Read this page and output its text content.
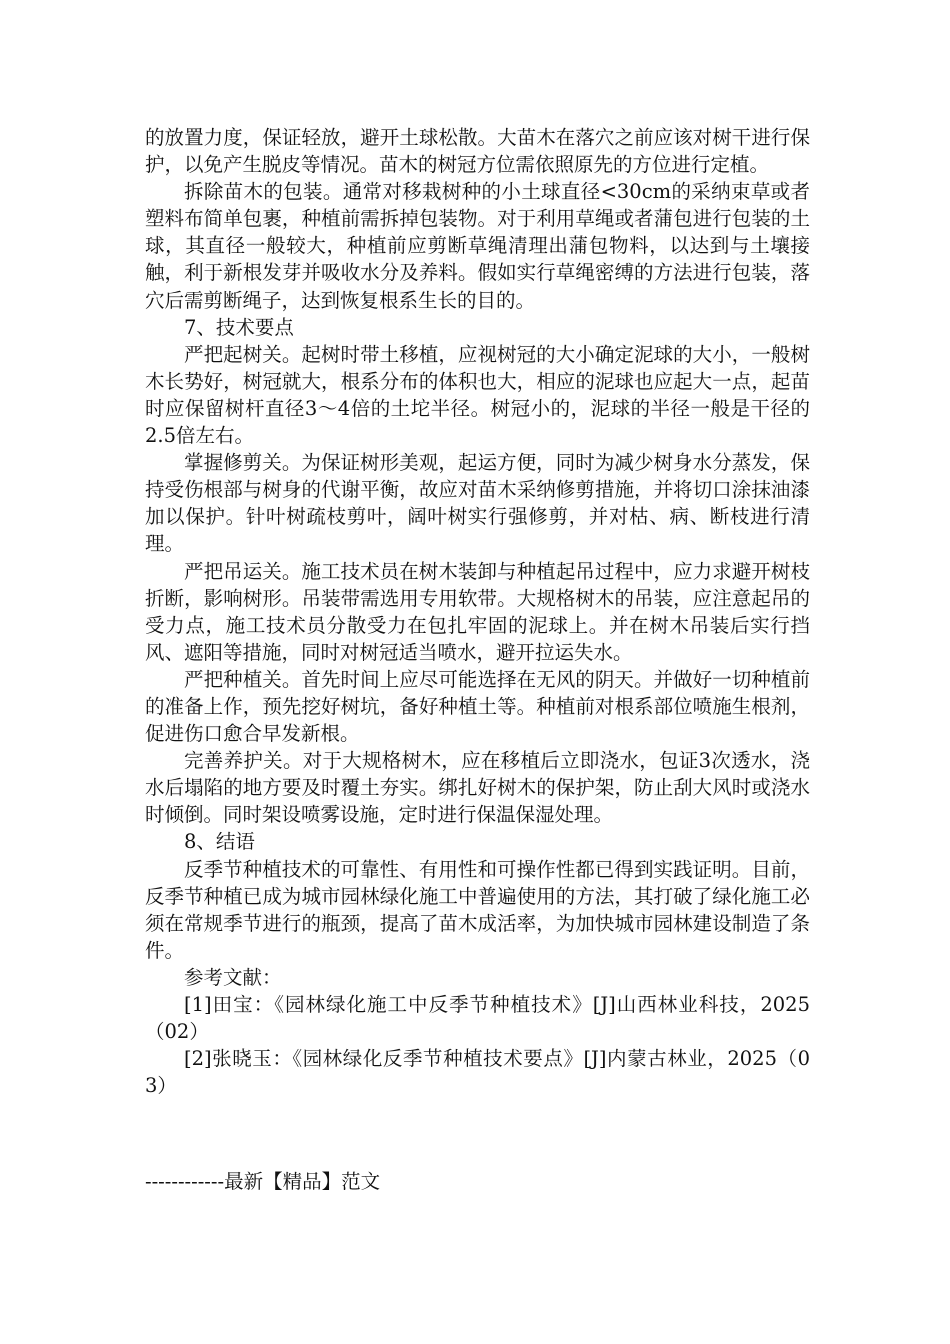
的放置力度，保证轻放，避开土球松散。大苗木在落穴之前应该对树干进行保护，以免产生脱皮等情况。苗木的树冠方位需依照原先的方位进行定植。

拆除苗木的包装。通常对移栽树种的小土球直径<30cm的采纳束草或者塑料布简单包裹，种植前需拆掉包装物。对于利用草绳或者蒲包进行包装的土球，其直径一般较大，种植前应剪断草绳清理出蒲包物料，以达到与土壤接触，利于新根发芽并吸收水分及养料。假如实行草绳密缚的方法进行包装，落穴后需剪断绳子，达到恢复根系生长的目的。

7、技术要点

严把起树关。起树时带土移植，应视树冠的大小确定泥球的大小，一般树木长势好，树冠就大，根系分布的体积也大，相应的泥球也应起大一点，起苗时应保留树杆直径3～4倍的土坨半径。树冠小的，泥球的半径一般是干径的2.5倍左右。

掌握修剪关。为保证树形美观，起运方便，同时为减少树身水分蒸发，保持受伤根部与树身的代谢平衡，故应对苗木采纳修剪措施，并将切口涂抹油漆加以保护。针叶树疏枝剪叶，阔叶树实行强修剪，并对枯、病、断枝进行清理。

严把吊运关。施工技术员在树木装卸与种植起吊过程中，应力求避开树枝折断，影响树形。吊装带需选用专用软带。大规格树木的吊装，应注意起吊的受力点，施工技术员分散受力在包扎牢固的泥球上。并在树木吊装后实行挡风、遮阳等措施，同时对树冠适当喷水，避开拉运失水。

严把种植关。首先时间上应尽可能选择在无风的阴天。并做好一切种植前的准备上作，预先挖好树坑，备好种植土等。种植前对根系部位喷施生根剂，促进伤口愈合早发新根。

完善养护关。对于大规格树木，应在移植后立即浇水，包证3次透水，浇水后塌陷的地方要及时覆土夯实。绑扎好树木的保护架，防止刮大风时或浇水时倾倒。同时架设喷雾设施，定时进行保温保湿处理。

8、结语

反季节种植技术的可靠性、有用性和可操作性都已得到实践证明。目前，反季节种植已成为城市园林绿化施工中普遍使用的方法，其打破了绿化施工必须在常规季节进行的瓶颈，提高了苗木成活率，为加快城市园林建设制造了条件。

参考文献：

[1]田宝：《园林绿化施工中反季节种植技术》[J]山西林业科技，2025（02）

[2]张晓玉：《园林绿化反季节种植技术要点》[J]内蒙古林业，2025（03）

------------最新【精品】范文
